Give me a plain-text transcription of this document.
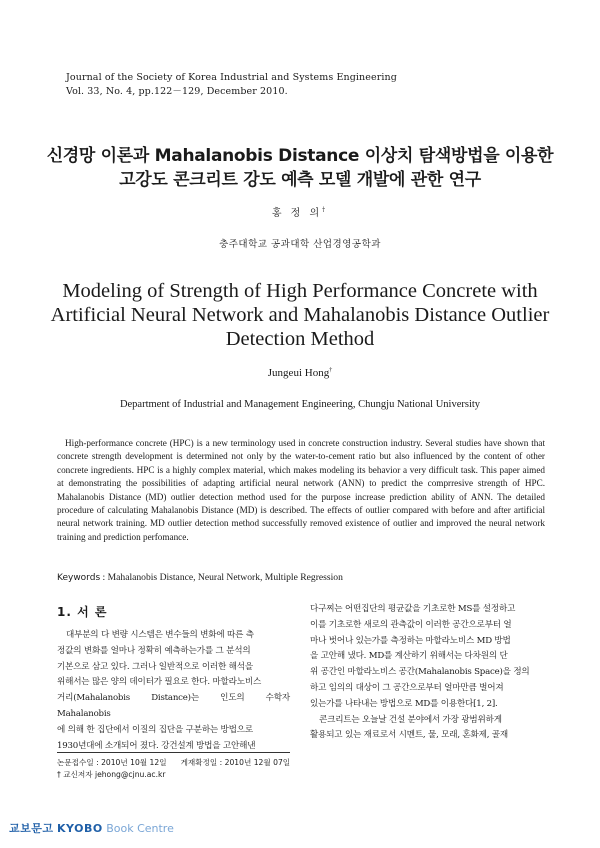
Journal of the Society of Korea Industrial and Systems Engineering
Vol. 33, No. 4, pp.122－129, December 2010.
신경망 이론과 Mahalanobis Distance 이상치 탐색방법을 이용한
고강도 콘크리트 강도 예측 모델 개발에 관한 연구
홍 정 의†
충주대학교 공과대학 산업경영공학과
Modeling of Strength of High Performance Concrete with
Artificial Neural Network and Mahalanobis Distance Outlier
Detection Method
Jungeui Hong†
Department of Industrial and Management Engineering, Chungju National University
High-performance concrete (HPC) is a new terminology used in concrete construction industry. Several studies have shown that concrete strength development is determined not only by the water-to-cement ratio but also influenced by the content of other concrete ingredients. HPC is a highly complex material, which makes modeling its behavior a very difficult task. This paper aimed at demonstrating the possibilities of adapting artificial neural network (ANN) to predict the comprresive strength of HPC. Mahalanobis Distance (MD) outlier detection method used for the purpose increase prediction ability of ANN. The detailed procedure of calculating Mahalanobis Distance (MD) is described. The effects of outlier compared with before and after artificial neural network training. MD outlier detection method successfully removed existence of outlier and improved the neural network training and prediction perfomance.
Keywords : Mahalanobis Distance, Neural Network, Multiple Regression
1. 서 론
대부분의 다 변량 시스템은 변수들의 변화에 따른 측
정값의 변화를 얼마나 정확히 예측하는가를 그 분석의
기본으로 삼고 있다. 그러나 일반적으로 이러한 해석을
위해서는 많은 양의 데이터가 필요로 한다. 마할라노비스
거리(Mahalanobis Distance)는 인도의 수학자 Mahalanobis
에 의해 한 집단에서 이질의 집단을 구분하는 방법으로
1930년대에 소개되어 졌다. 강건설계 방법을 고안해낸
다구찌는 어떤집단의 평균값을 기초로한 MS를 설정하고
이를 기초로한 새로의 관측값이 이러한 공간으로부터 얼
마나 벗어나 있는가를 측정하는 마할라노비스 MD 방법
을 고안해 냈다. MD를 계산하기 위해서는 다차원의 단
위 공간인 마할라노비스 공간(Mahalanobis Space)을 정의
하고 임의의 대상이 그 공간으로부터 얼마만큼 벌어져
있는가를 나타내는 방법으로 MD를 이용한다[1, 2].
콘크리트는 오늘날 건설 분야에서 가장 광범위하게
활용되고 있는 재료로서 시멘트, 물, 모래, 혼화제, 골재
논문접수일 : 2010년 10월 12일 게재확정일 : 2010년 12월 07일
† 교신저자 jehong@cjnu.ac.kr
교보문고 KYOBO Book Centre
